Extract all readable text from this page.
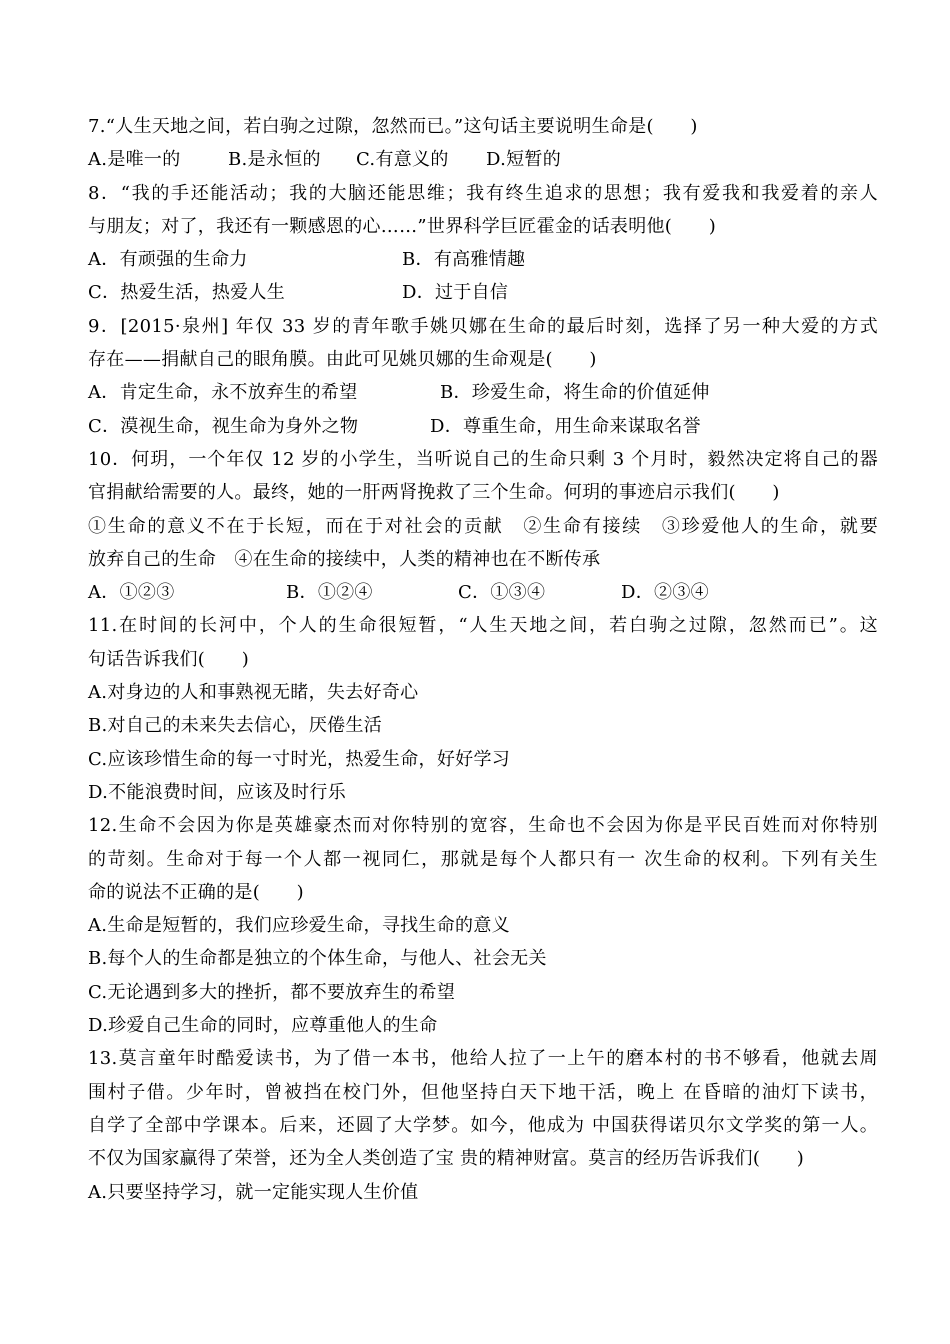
7.“人生天地之间，若白驹之过隙，忽然而已。”这句话主要说明生命是(　　)
A.是唯一的	B.是永恒的 C.有意义的 D.短暂的
8．“我的手还能活动；我的大脑还能思维；我有终生追求的思想；我有爱我和我爱着的亲人
与朋友；对了，我还有一颗感恩的心……”世界科学巨匠霍金的话表明他(　　)
A．有顽强的生命力	B．有高雅情趣
C．热爱生活，热爱人生	D．过于自信
9．[2015·泉州] 年仅 33 岁的青年歌手姚贝娜在生命的最后时刻，选择了另一种大爱的方式
存在——捐献自己的眼角膜。由此可见姚贝娜的生命观是(　　)
A．肯定生命，永不放弃生的希望	B．珍爱生命，将生命的价值延伸
C．漠视生命，视生命为身外之物	D．尊重生命，用生命来谋取名誉
10．何玥，一个年仅 12 岁的小学生，当听说自己的生命只剩 3 个月时，毅然决定将自己的器
官捐献给需要的人。最终，她的一肝两肾挽救了三个生命。何玥的事迹启示我们(　　)
①生命的意义不在于长短，而在于对社会的贡献　②生命有接续　③珍爱他人的生命，就要
放弃自己的生命　④在生命的接续中，人类的精神也在不断传承
A．①②③	B．①②④	C．①③④	D．②③④
11.在时间的长河中，个人的生命很短暂，“人生天地之间，若白驹之过隙，忽然而已”。这
句话告诉我们(　　)
A.对身边的人和事熟视无睹，失去好奇心
B.对自己的未来失去信心，厌倦生活
C.应该珍惜生命的每一寸时光，热爱生命，好好学习
D.不能浪费时间，应该及时行乐
12.生命不会因为你是英雄豪杰而对你特别的宽容，生命也不会因为你是平民百姓而对你特别
的苛刻。生命对于每一个人都一视同仁，那就是每个人都只有一 次生命的权利。下列有关生
命的说法不正确的是(　　)
A.生命是短暂的，我们应珍爱生命，寻找生命的意义
B.每个人的生命都是独立的个体生命，与他人、社会无关
C.无论遇到多大的挫折，都不要放弃生的希望
D.珍爱自己生命的同时，应尊重他人的生命
13.莫言童年时酷爱读书，为了借一本书，他给人拉了一上午的磨本村的书不够看，他就去周
围村子借。少年时，曾被挡在校门外，但他坚持白天下地干活，晚上 在昏暗的油灯下读书，
自学了全部中学课本。后来，还圆了大学梦。如今，他成为 中国获得诺贝尔文学奖的第一人。
不仅为国家赢得了荣誉，还为全人类创造了宝 贵的精神财富。莫言的经历告诉我们(　　)
A.只要坚持学习，就一定能实现人生价值
